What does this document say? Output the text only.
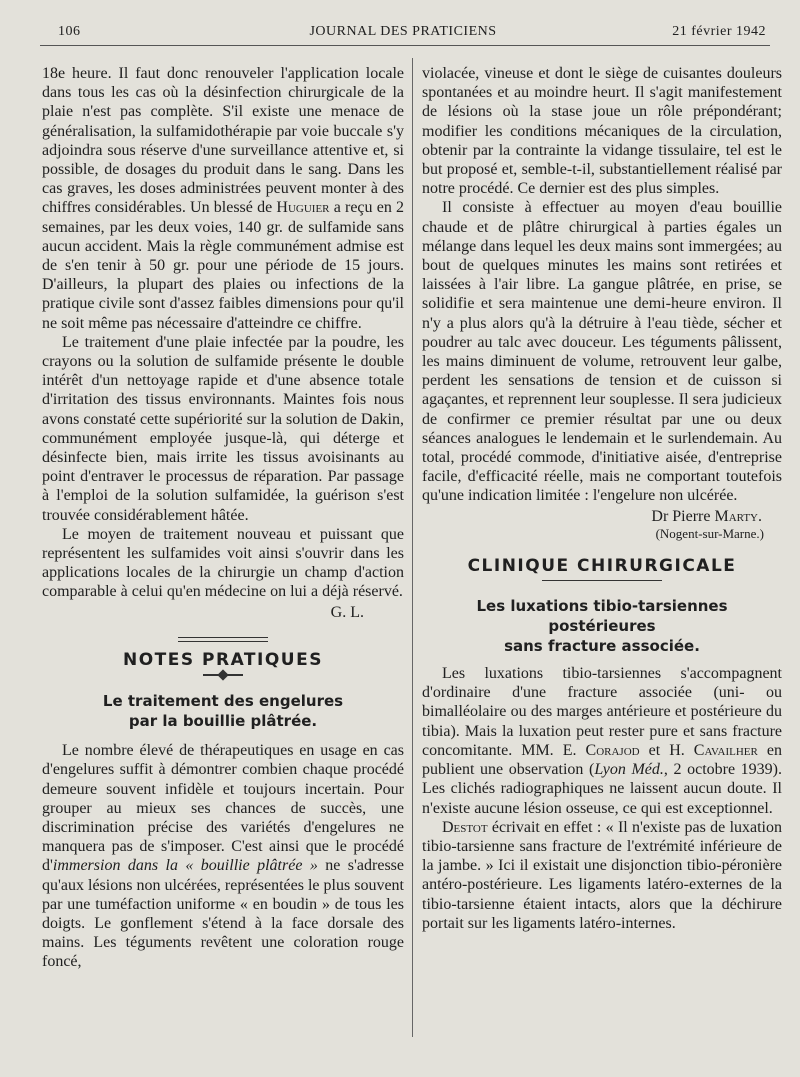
106	JOURNAL DES PRATICIENS	21 février 1942

18e heure. Il faut donc renouveler l'application locale dans tous les cas où la désinfection chirurgicale de la plaie n'est pas complète. S'il existe une menace de généralisation, la sulfamidothérapie par voie buccale s'y adjoindra sous réserve d'une surveillance attentive et, si possible, de dosages du produit dans le sang. Dans les cas graves, les doses administrées peuvent monter à des chiffres considérables. Un blessé de Huguier a reçu en 2 semaines, par les deux voies, 140 gr. de sulfamide sans aucun accident. Mais la règle communément admise est de s'en tenir à 50 gr. pour une période de 15 jours. D'ailleurs, la plupart des plaies ou infections de la pratique civile sont d'assez faibles dimensions pour qu'il ne soit même pas nécessaire d'atteindre ce chiffre.

Le traitement d'une plaie infectée par la poudre, les crayons ou la solution de sulfamide présente le double intérêt d'un nettoyage rapide et d'une absence totale d'irritation des tissus environnants. Maintes fois nous avons constaté cette supériorité sur la solution de Dakin, communément employée jusque-là, qui déterge et désinfecte bien, mais irrite les tissus avoisinants au point d'entraver le processus de réparation. Par passage à l'emploi de la solution sulfamidée, la guérison s'est trouvée considérablement hâtée.

Le moyen de traitement nouveau et puissant que représentent les sulfamides voit ainsi s'ouvrir dans les applications locales de la chirurgie un champ d'action comparable à celui qu'en médecine on lui a déjà réservé.

G. L.
NOTES PRATIQUES
Le traitement des engelures
par la bouillie plâtrée.

Le nombre élevé de thérapeutiques en usage en cas d'engelures suffit à démontrer combien chaque procédé demeure souvent infidèle et toujours incertain. Pour grouper au mieux ses chances de succès, une discrimination précise des variétés d'engelures ne manquera pas de s'imposer. C'est ainsi que le procédé d'immersion dans la « bouillie plâtrée » ne s'adresse qu'aux lésions non ulcérées, représentées le plus souvent par une tuméfaction uniforme « en boudin » de tous les doigts. Le gonflement s'étend à la face dorsale des mains. Les téguments revêtent une coloration rouge foncé,

violacée, vineuse et dont le siège de cuisantes douleurs spontanées et au moindre heurt. Il s'agit manifestement de lésions où la stase joue un rôle prépondérant; modifier les conditions mécaniques de la circulation, obtenir par la contrainte la vidange tissulaire, tel est le but proposé et, semble-t-il, substantiellement réalisé par notre procédé. Ce dernier est des plus simples.

Il consiste à effectuer au moyen d'eau bouillie chaude et de plâtre chirurgical à parties égales un mélange dans lequel les deux mains sont immergées; au bout de quelques minutes les mains sont retirées et laissées à l'air libre. La gangue plâtrée, en prise, se solidifie et sera maintenue une demi-heure environ. Il n'y a plus alors qu'à la détruire à l'eau tiède, sécher et poudrer au talc avec douceur. Les téguments pâlissent, les mains diminuent de volume, retrouvent leur galbe, perdent les sensations de tension et de cuisson si agaçantes, et reprennent leur souplesse. Il sera judicieux de confirmer ce premier résultat par une ou deux séances analogues le lendemain et le surlendemain. Au total, procédé commode, d'initiative aisée, d'entreprise facile, d'efficacité réelle, mais ne comportant toutefois qu'une indication limitée : l'engelure non ulcérée.

Dr Pierre Marty.
(Nogent-sur-Marne.)
CLINIQUE CHIRURGICALE
Les luxations tibio-tarsiennes postérieures
sans fracture associée.

Les luxations tibio-tarsiennes s'accompagnent d'ordinaire d'une fracture associée (uni- ou bimalléolaire ou des marges antérieure et postérieure du tibia). Mais la luxation peut rester pure et sans fracture concomitante. MM. E. Corajod et H. Cavailher en publient une observation (Lyon Méd., 2 octobre 1939). Les clichés radiographiques ne laissent aucun doute. Il n'existe aucune lésion osseuse, ce qui est exceptionnel.

Destot écrivait en effet : « Il n'existe pas de luxation tibio-tarsienne sans fracture de l'extrémité inférieure de la jambe. » Ici il existait une disjonction tibio-péronière antéro-postérieure. Les ligaments latéro-externes de la tibio-tarsienne étaient intacts, alors que la déchirure portait sur les ligaments latéro-internes.
